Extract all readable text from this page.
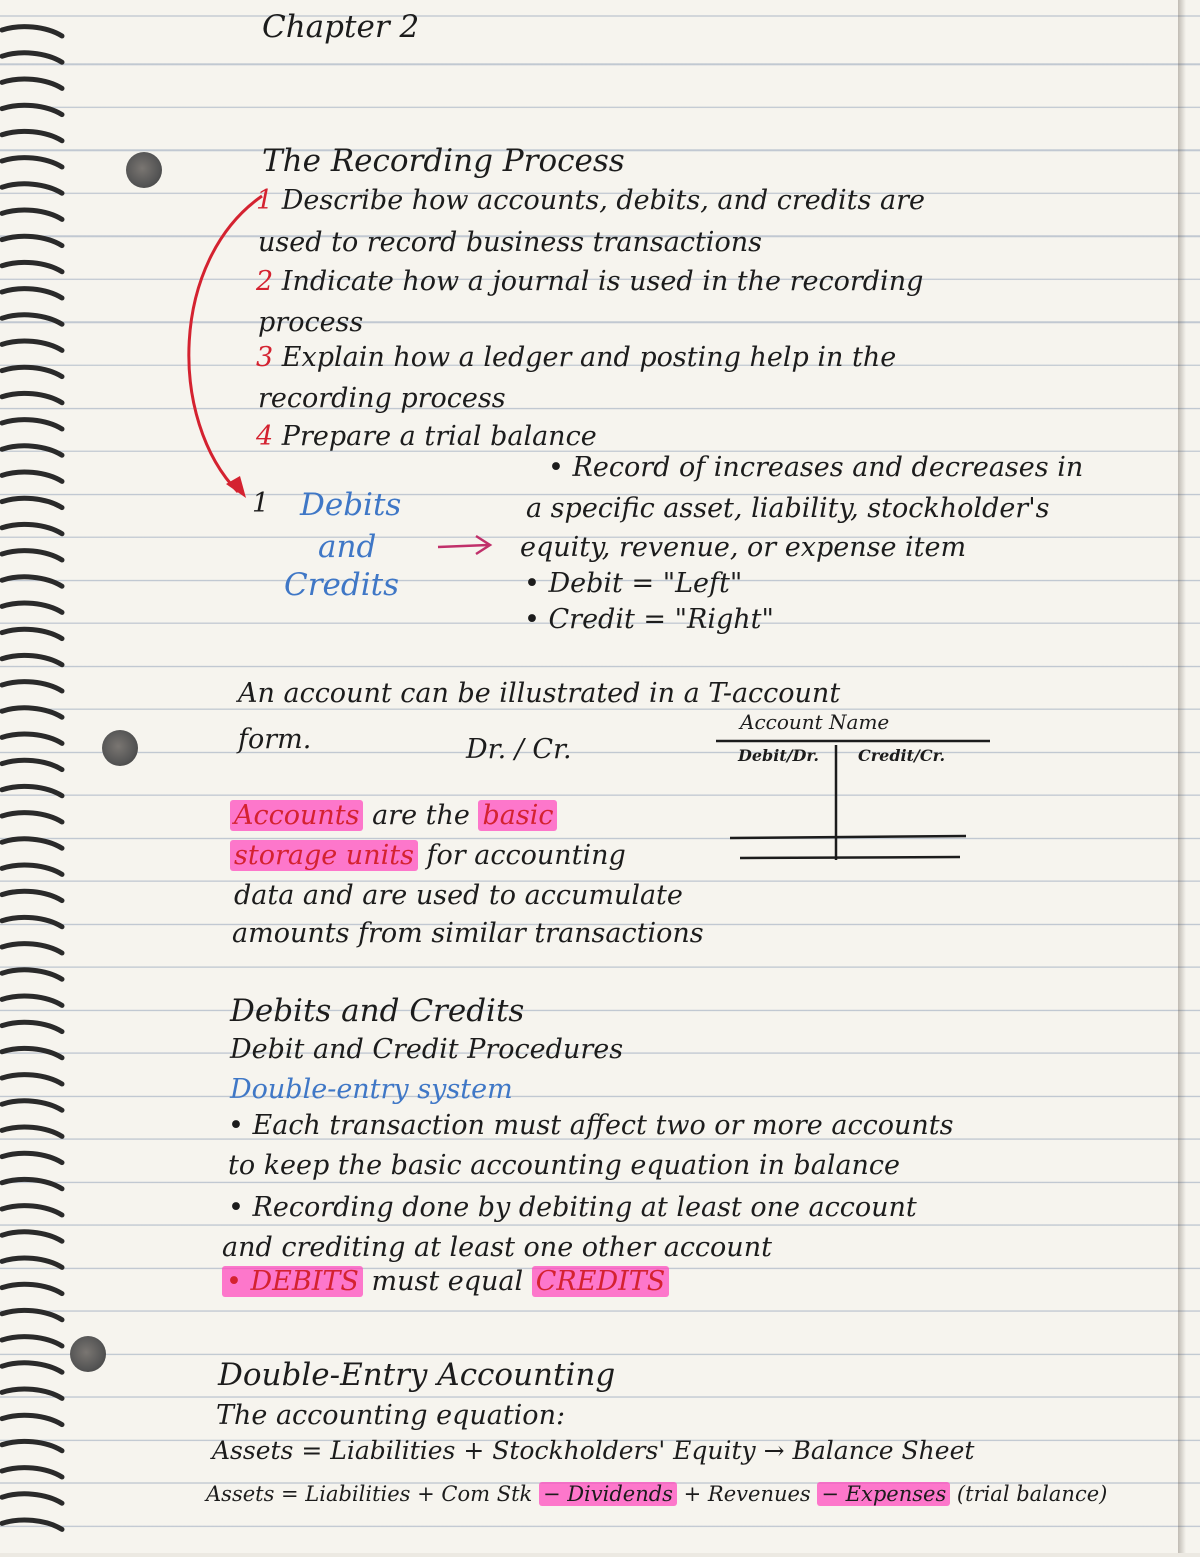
Chapter 2
The Recording Process
1 Describe how accounts, debits, and credits are
used to record business transactions
2 Indicate how a journal is used in the recording
process
3 Explain how a ledger and posting help in the
recording process
4 Prepare a trial balance
1 Debits
and
Credits
• Record of increases and decreases in
a specific asset, liability, stockholder's
equity, revenue, or expense item
• Debit = "Left"
• Credit = "Right"
An account can be illustrated in a T-account
form.	Dr. / Cr.
Account Name
Debit/Dr. Credit/Cr.
Accounts are the basic
storage units for accounting
data and are used to accumulate
amounts from similar transactions
Debits and Credits
Debit and Credit Procedures
Double-entry system
• Each transaction must affect two or more accounts
to keep the basic accounting equation in balance
• Recording done by debiting at least one account
and crediting at least one other account
• DEBITS must equal CREDITS
Double-Entry Accounting
The accounting equation:
Assets = Liabilities + Stockholders' Equity → Balance Sheet
Assets = Liabilities + Com Stk − Dividends + Revenues − Expenses (trial balance)
